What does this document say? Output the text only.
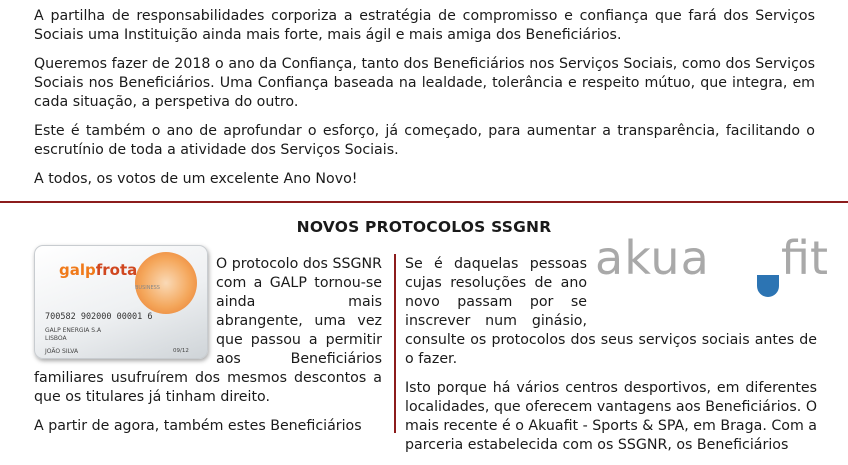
A partilha de responsabilidades corporiza a estratégia de compromisso e confiança que fará dos Serviços Sociais uma Instituição ainda mais forte, mais ágil e mais amiga dos Beneficiários.

Queremos fazer de 2018 o ano da Confiança, tanto dos Beneficiários nos Serviços Sociais, como dos Serviços Sociais nos Beneficiários. Uma Confiança baseada na lealdade, tolerância e respeito mútuo, que integra, em cada situação, a perspetiva do outro.

Este é também o ano de aprofundar o esforço, já começado, para aumentar a transparência, facilitando o escrutínio de toda a atividade dos Serviços Sociais.

A todos, os votos de um excelente Ano Novo!

NOVOS PROTOCOLOS SSGNR
galpfrota
BUSINESS
700582 902000 00001 6
GALP ENERGIA S.A
LISBOA
JOÃO SILVA	09/12

O protocolo dos SSGNR com a GALP tornou-se ainda mais abrangente, uma vez que passou a permitir aos Beneficiários familiares usufruírem dos mesmos descontos a que os titulares já tinham direito.

A partir de agora, também estes Beneficiários

akua fit

Se é daquelas pessoas cujas resoluções de ano novo passam por se inscrever num ginásio, consulte os protocolos dos seus serviços sociais antes de o fazer.

Isto porque há vários centros desportivos, em diferentes localidades, que oferecem vantagens aos Beneficiários. O mais recente é o Akuafit - Sports & SPA, em Braga. Com a parceria estabelecida com os SSGNR, os Beneficiários
